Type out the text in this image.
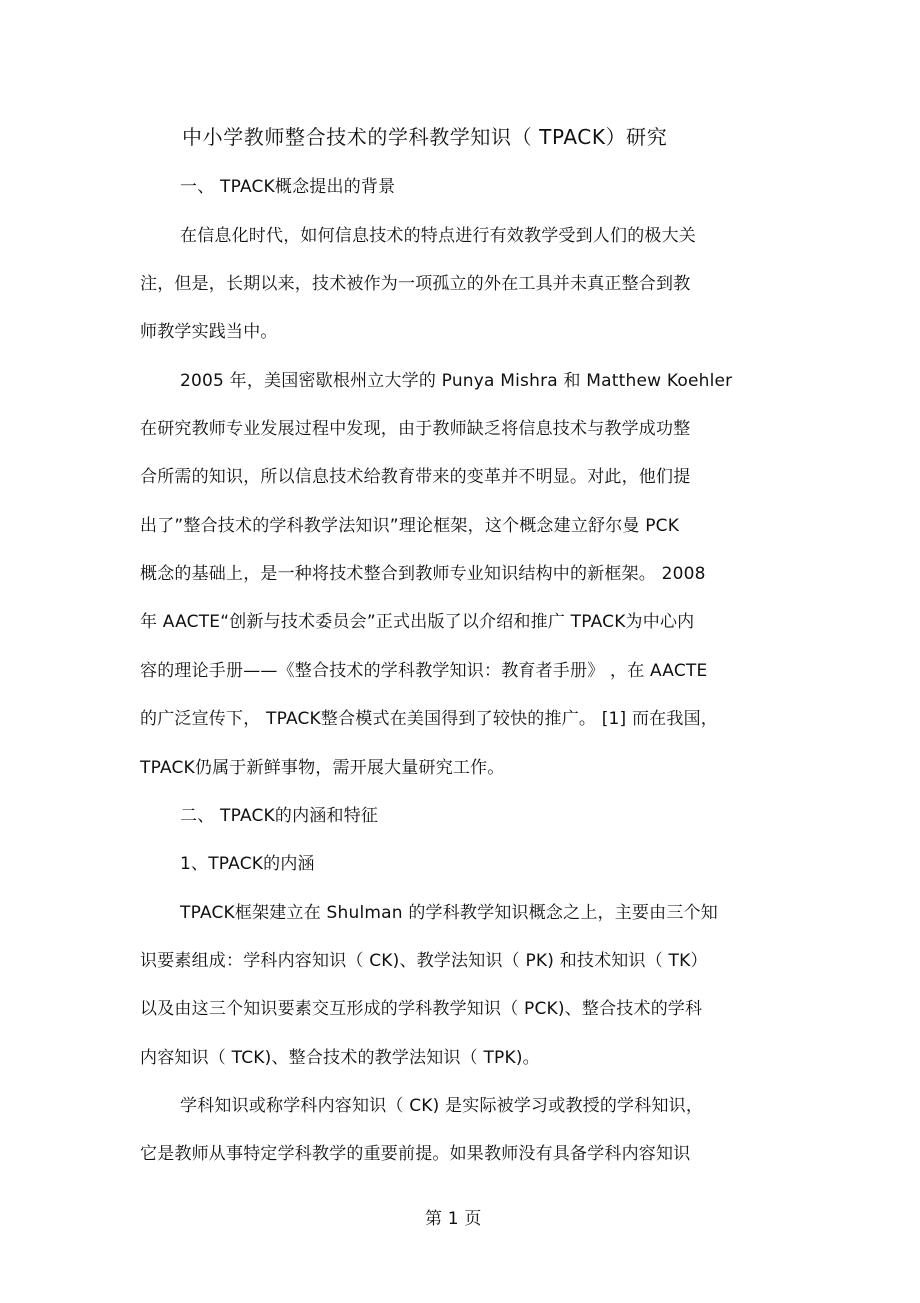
中小学教师整合技术的学科教学知识（ TPACK）研究
一、 TPACK概念提出的背景
在信息化时代，如何信息技术的特点进行有效教学受到人们的极大关
注，但是，长期以来，技术被作为一项孤立的外在工具并未真正整合到教
师教学实践当中。
2005 年，美国密歇根州立大学的 Punya Mishra 和 Matthew Koehler
在研究教师专业发展过程中发现，由于教师缺乏将信息技术与教学成功整
合所需的知识，所以信息技术给教育带来的变革并不明显。对此，他们提
出了”整合技术的学科教学法知识”理论框架，这个概念建立舒尔曼 PCK
概念的基础上，是一种将技术整合到教师专业知识结构中的新框架。 2008
年 AACTE“创新与技术委员会”正式出版了以介绍和推广 TPACK为中心内
容的理论手册——《整合技术的学科教学知识：教育者手册》 ，在 AACTE
的广泛宣传下， TPACK整合模式在美国得到了较快的推广。 [1] 而在我国，
TPACK仍属于新鲜事物，需开展大量研究工作。
二、 TPACK的内涵和特征
1、TPACK的内涵
TPACK框架建立在 Shulman 的学科教学知识概念之上，主要由三个知
识要素组成：学科内容知识（ CK)、教学法知识（ PK) 和技术知识（ TK）
以及由这三个知识要素交互形成的学科教学知识（ PCK)、整合技术的学科
内容知识（ TCK)、整合技术的教学法知识（ TPK)。
学科知识或称学科内容知识（ CK) 是实际被学习或教授的学科知识，
它是教师从事特定学科教学的重要前提。如果教师没有具备学科内容知识
第 1 页
